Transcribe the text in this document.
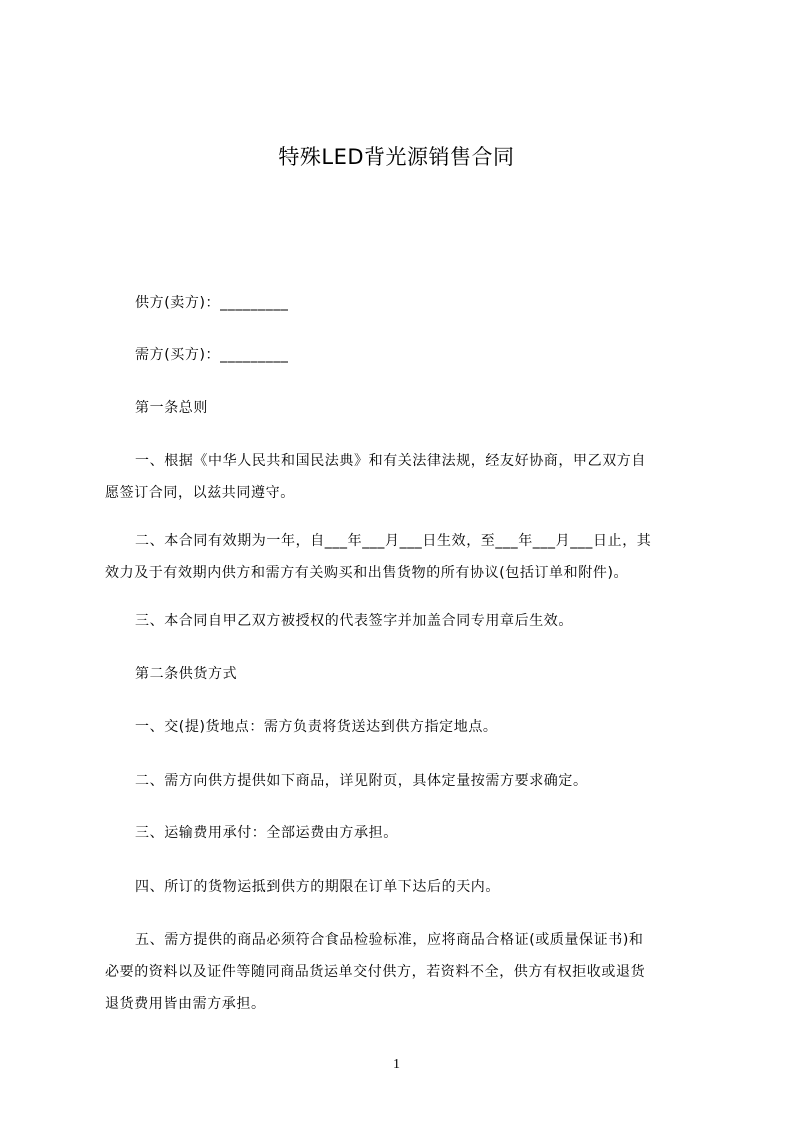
特殊LED背光源销售合同
供方(卖方)：_________
需方(买方)：_________
第一条总则
一、根据《中华人民共和国民法典》和有关法律法规，经友好协商，甲乙双方自
愿签订合同，以兹共同遵守。
二、本合同有效期为一年，自___年___月___日生效，至___年___月___日止，其
效力及于有效期内供方和需方有关购买和出售货物的所有协议(包括订单和附件)。
三、本合同自甲乙双方被授权的代表签字并加盖合同专用章后生效。
第二条供货方式
一、交(提)货地点：需方负责将货送达到供方指定地点。
二、需方向供方提供如下商品，详见附页，具体定量按需方要求确定。
三、运输费用承付：全部运费由方承担。
四、所订的货物运抵到供方的期限在订单下达后的天内。
五、需方提供的商品必须符合食品检验标准，应将商品合格证(或质量保证书)和
必要的资料以及证件等随同商品货运单交付供方，若资料不全，供方有权拒收或退货
退货费用皆由需方承担。
1
